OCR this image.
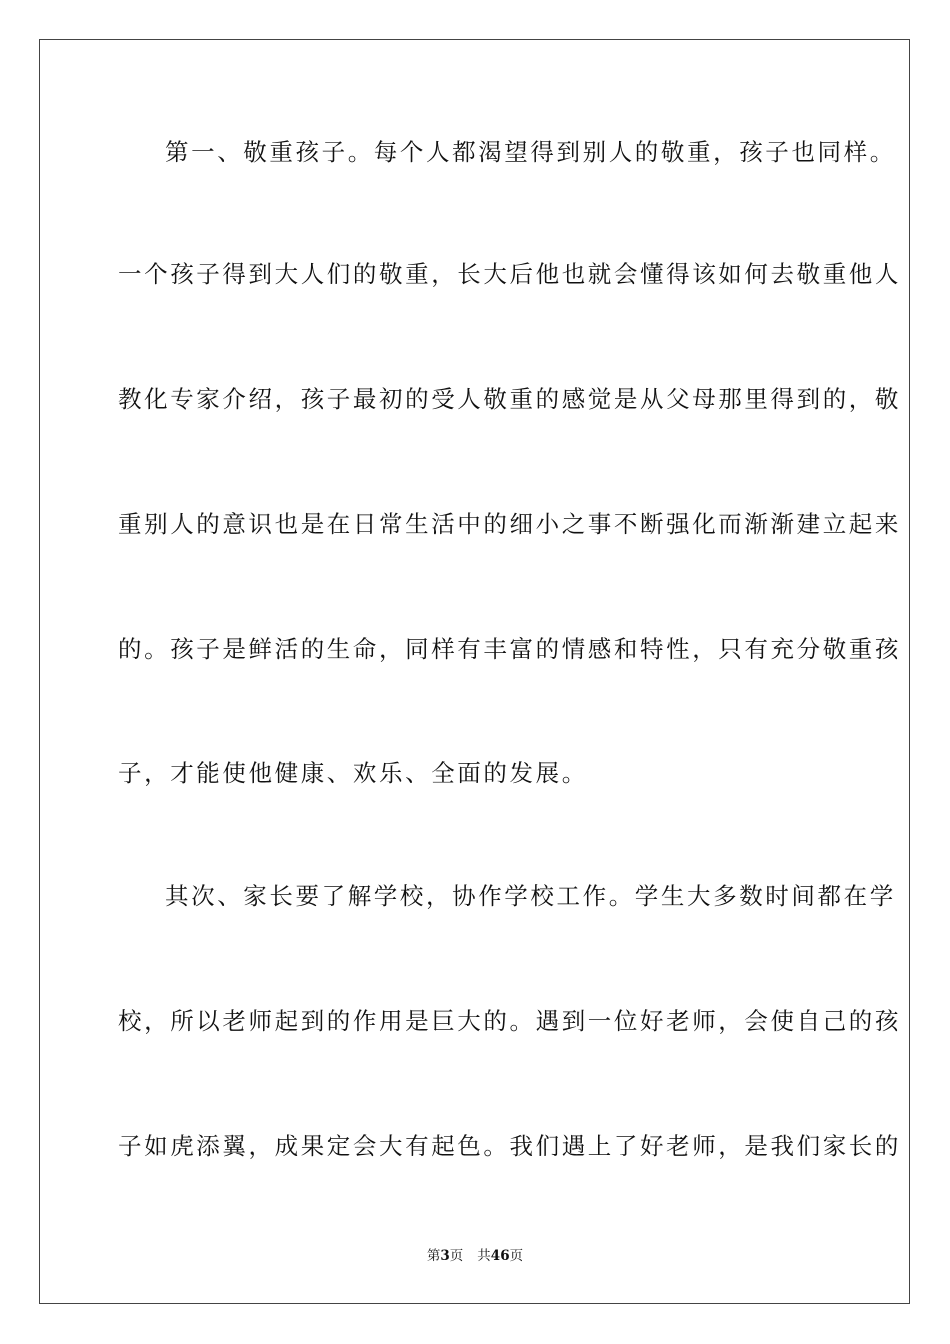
第一、敬重孩子。每个人都渴望得到别人的敬重，孩子也同样。
一个孩子得到大人们的敬重，长大后他也就会懂得该如何去敬重他人
教化专家介绍，孩子最初的受人敬重的感觉是从父母那里得到的，敬
重别人的意识也是在日常生活中的细小之事不断强化而渐渐建立起来
的。孩子是鲜活的生命，同样有丰富的情感和特性，只有充分敬重孩
子，才能使他健康、欢乐、全面的发展。
其次、家长要了解学校，协作学校工作。学生大多数时间都在学
校，所以老师起到的作用是巨大的。遇到一位好老师，会使自己的孩
子如虎添翼，成果定会大有起色。我们遇上了好老师，是我们家长的
第3页 共46页
